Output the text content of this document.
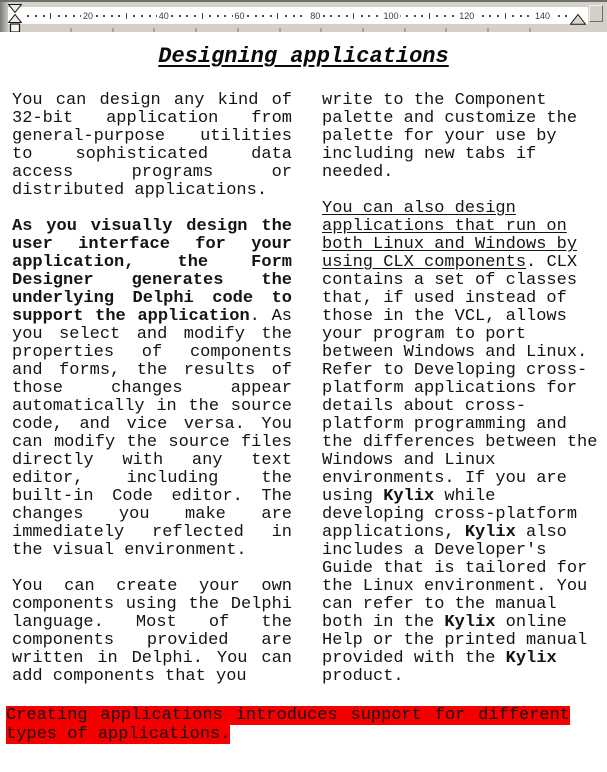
20	40	60	80	100	120	140
Designing applications

You can design any kind of 32-bit application from general-purpose utilities to sophisticated data access programs or distributed applications.

As you visually design the user interface for your application, the Form Designer generates the underlying Delphi code to support the application. As you select and modify the properties of components and forms, the results of those changes appear automatically in the source code, and vice versa. You can modify the source files directly with any text editor, including the built-in Code editor. The changes you make are immediately reflected in the visual environment.

You can create your own components using the Delphi language. Most of the components provided are written in Delphi. You can add components that you

write to the Component palette and customize the palette for your use by including new tabs if needed.

You can also design applications that run on both Linux and Windows by using CLX components. CLX contains a set of classes that, if used instead of those in the VCL, allows your program to port between Windows and Linux. Refer to Developing cross-platform applications for details about cross-platform programming and the differences between the Windows and Linux environments. If you are using Kylix while developing cross-platform applications, Kylix also includes a Developer's Guide that is tailored for the Linux environment. You can refer to the manual both in the Kylix online Help or the printed manual provided with the Kylix product.

Creating applications introduces support for different types of applications.
